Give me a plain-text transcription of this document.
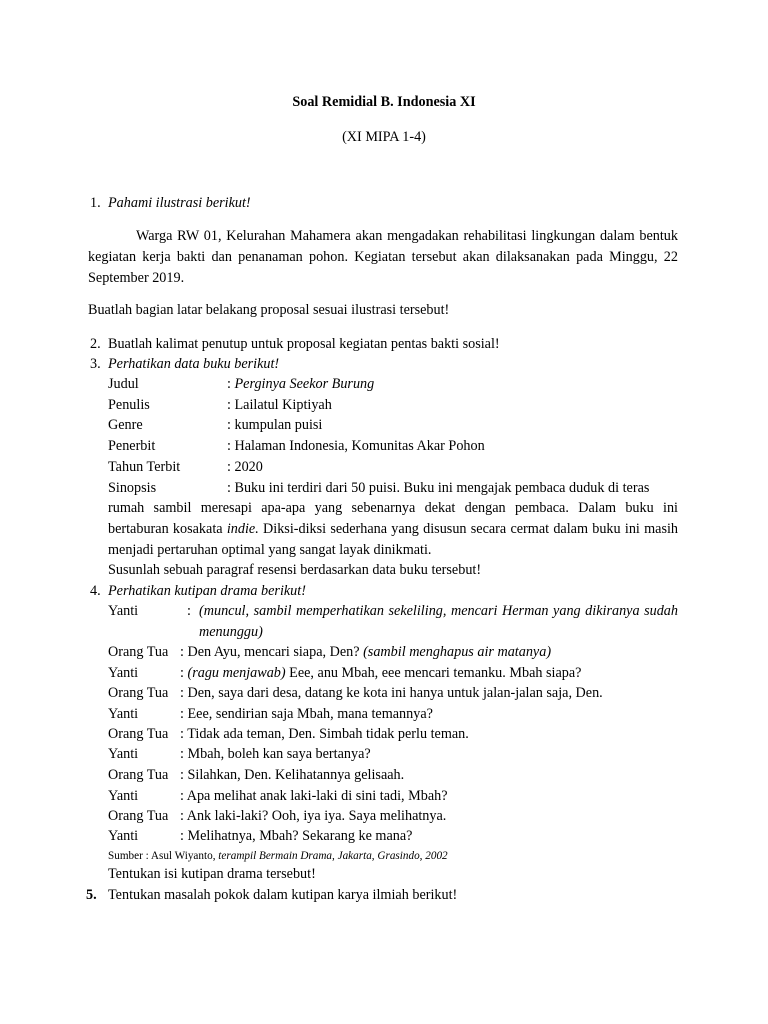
Soal Remidial B. Indonesia XI
(XI MIPA 1-4)
1. Pahami ilustrasi berikut!
Warga RW 01, Kelurahan Mahamera akan mengadakan rehabilitasi lingkungan dalam bentuk kegiatan kerja bakti dan penanaman pohon. Kegiatan tersebut akan dilaksanakan pada Minggu, 22 September 2019.
Buatlah bagian latar belakang proposal sesuai ilustrasi tersebut!
2. Buatlah kalimat penutup untuk proposal kegiatan pentas bakti sosial!
3. Perhatikan data buku berikut!
Judul	: Perginya Seekor Burung
Penulis	: Lailatul Kiptiyah
Genre	: kumpulan puisi
Penerbit	: Halaman Indonesia, Komunitas Akar Pohon
Tahun Terbit	: 2020
Sinopsis	: Buku ini terdiri dari 50 puisi. Buku ini mengajak pembaca duduk di teras
rumah sambil meresapi apa-apa yang sebenarnya dekat dengan pembaca. Dalam buku ini bertaburan kosakata indie. Diksi-diksi sederhana yang disusun secara cermat dalam buku ini masih menjadi pertaruhan optimal yang sangat layak dinikmati.
Susunlah sebuah paragraf resensi berdasarkan data buku tersebut!
4. Perhatikan kutipan drama berikut!
Yanti	: (muncul, sambil memperhatikan sekeliling, mencari Herman yang dikiranya sudah menunggu)
Orang Tua : Den Ayu, mencari siapa, Den? (sambil menghapus air matanya)
Yanti	: (ragu menjawab) Eee, anu Mbah, eee mencari temanku. Mbah siapa?
Orang Tua : Den, saya dari desa, datang ke kota ini hanya untuk jalan-jalan saja, Den.
Yanti	: Eee, sendirian saja Mbah, mana temannya?
Orang Tua : Tidak ada teman, Den. Simbah tidak perlu teman.
Yanti	: Mbah, boleh kan saya bertanya?
Orang Tua : Silahkan, Den. Kelihatannya gelisaah.
Yanti	: Apa melihat anak laki-laki di sini tadi, Mbah?
Orang Tua : Ank laki-laki? Ooh, iya iya. Saya melihatnya.
Yanti	: Melihatnya, Mbah? Sekarang ke mana?
Sumber : Asul Wiyanto, terampil Bermain Drama, Jakarta, Grasindo, 2002
Tentukan isi kutipan drama tersebut!
5. Tentukan masalah pokok dalam kutipan karya ilmiah berikut!
